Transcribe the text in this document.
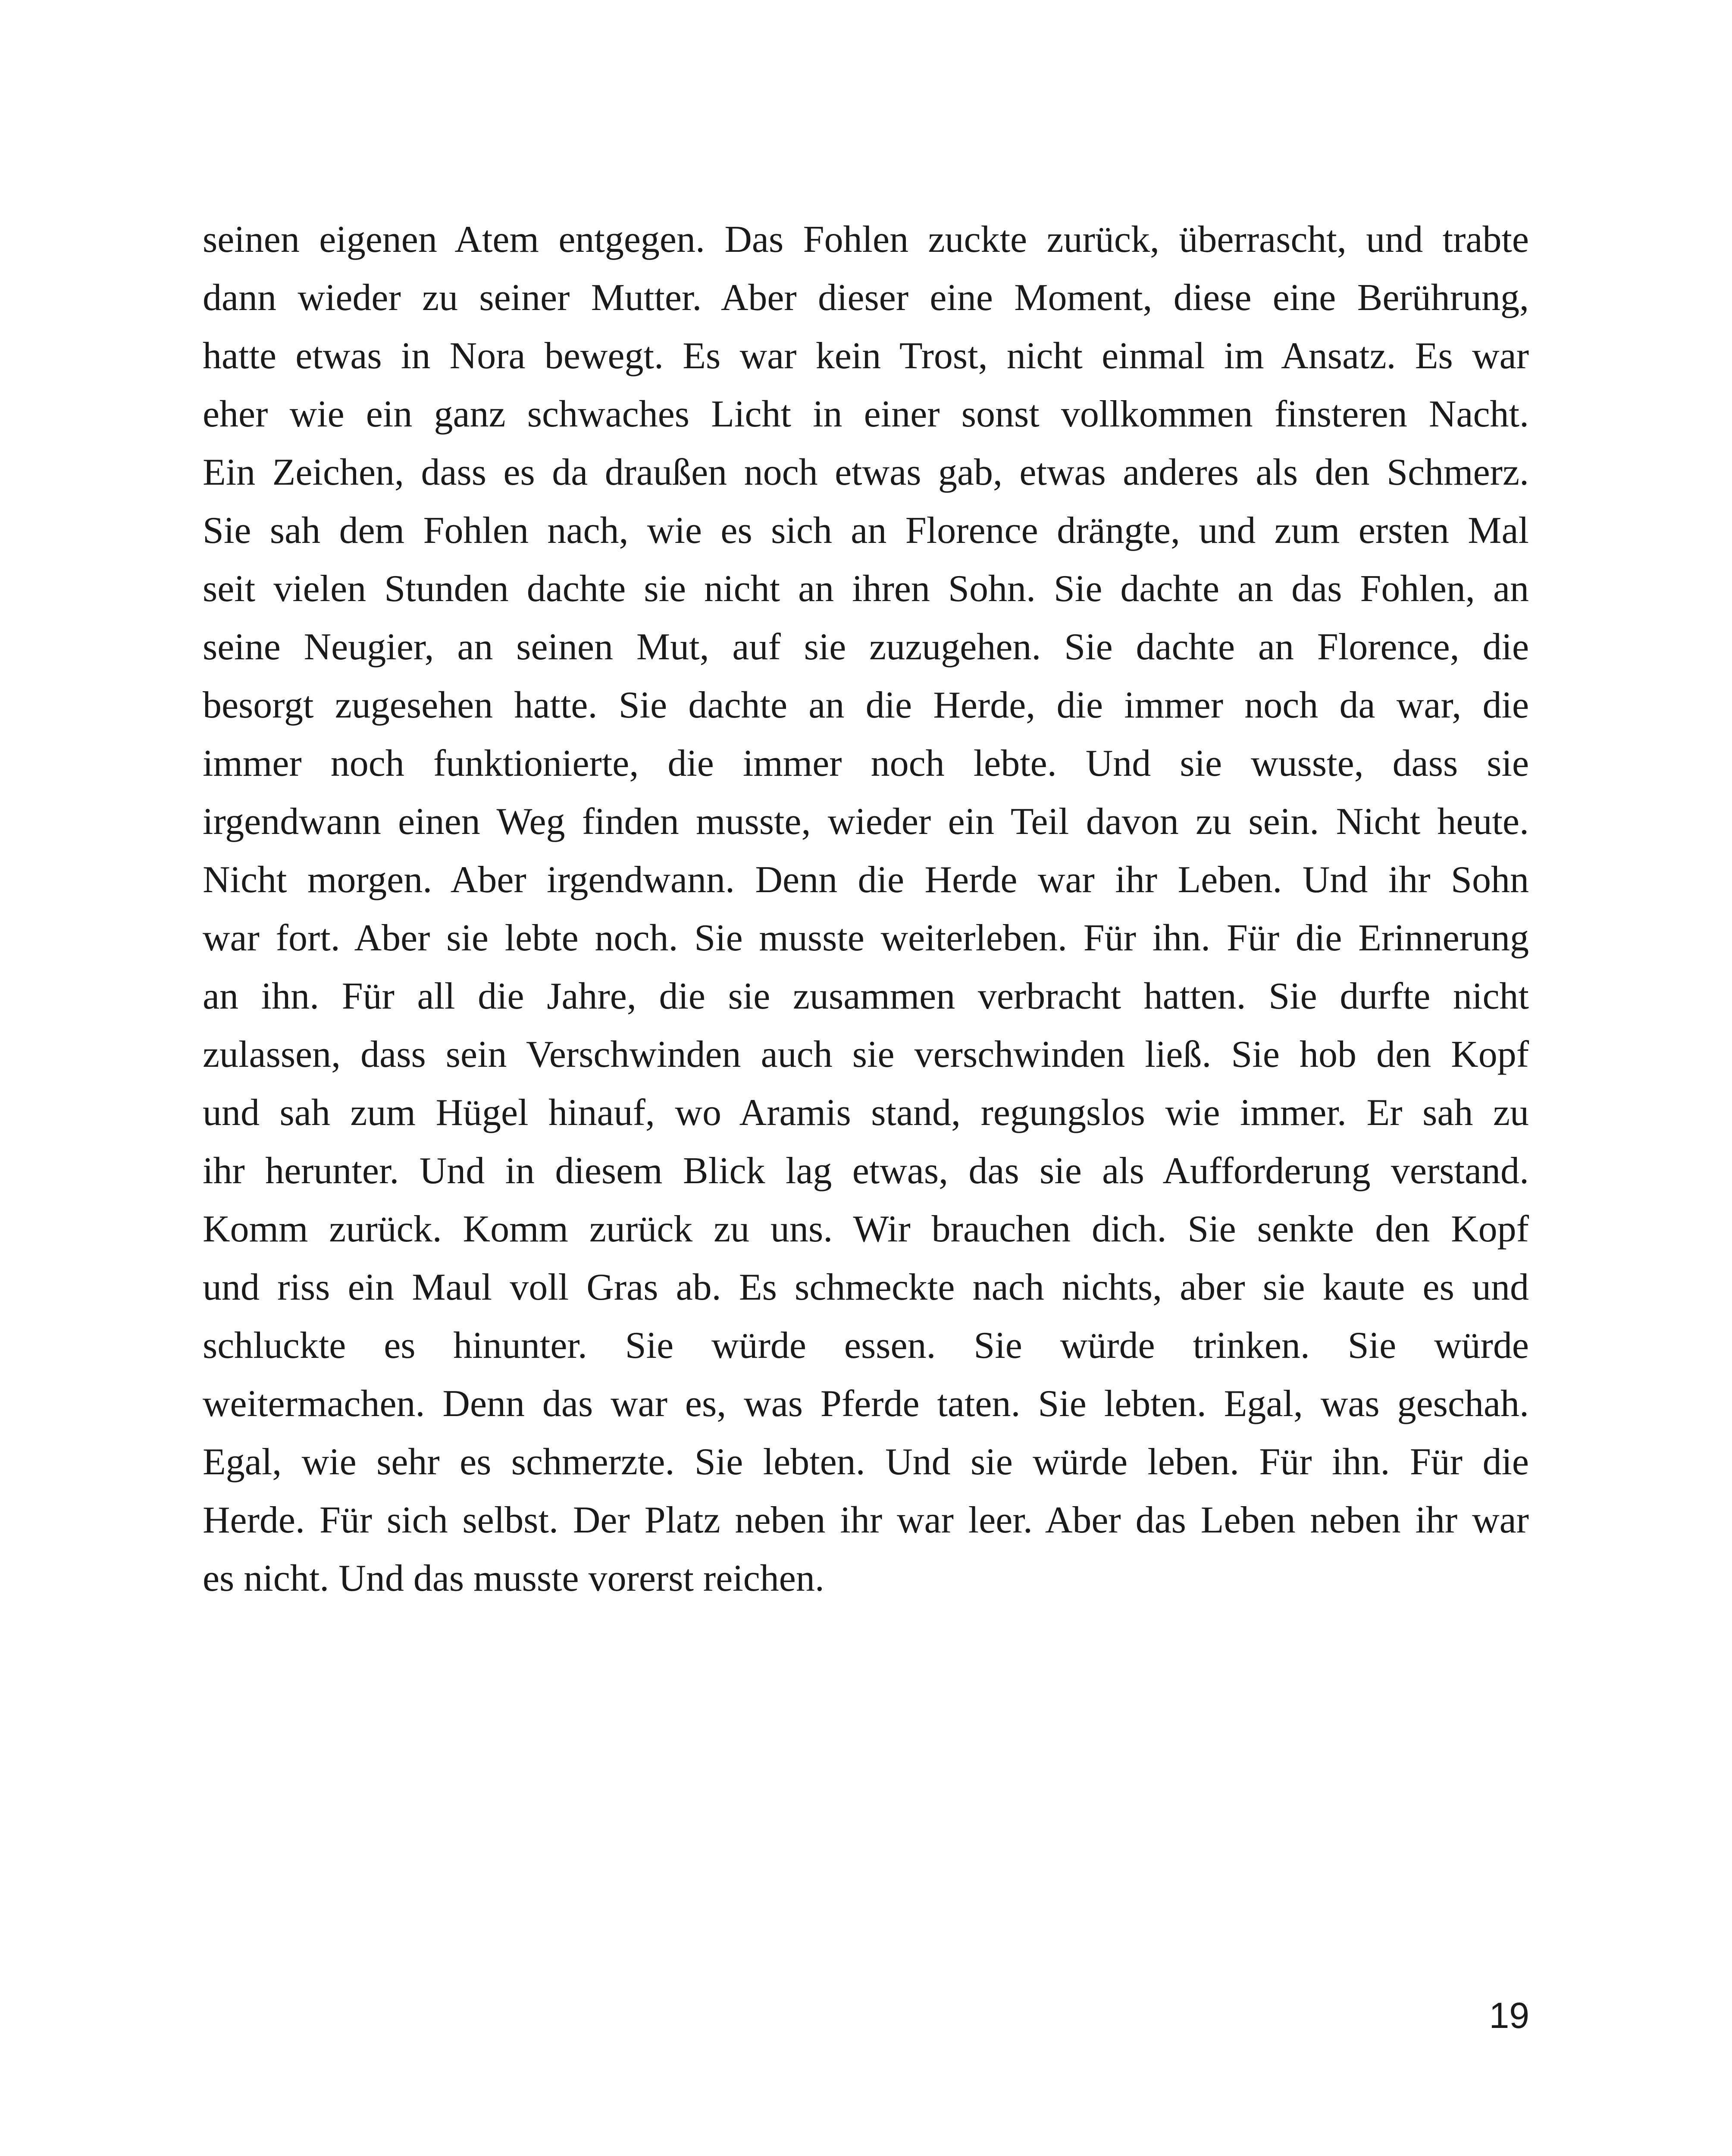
seinen eigenen Atem entgegen. Das Fohlen zuckte zurück, überrascht, und trabte
dann wieder zu seiner Mutter. Aber dieser eine Moment, diese eine Berührung,
hatte etwas in Nora bewegt. Es war kein Trost, nicht einmal im Ansatz. Es war
eher wie ein ganz schwaches Licht in einer sonst vollkommen finsteren Nacht.
Ein Zeichen, dass es da draußen noch etwas gab, etwas anderes als den Schmerz.
Sie sah dem Fohlen nach, wie es sich an Florence drängte, und zum ersten Mal
seit vielen Stunden dachte sie nicht an ihren Sohn. Sie dachte an das Fohlen, an
seine Neugier, an seinen Mut, auf sie zuzugehen. Sie dachte an Florence, die
besorgt zugesehen hatte. Sie dachte an die Herde, die immer noch da war, die
immer noch funktionierte, die immer noch lebte. Und sie wusste, dass sie
irgendwann einen Weg finden musste, wieder ein Teil davon zu sein. Nicht heute.
Nicht morgen. Aber irgendwann. Denn die Herde war ihr Leben. Und ihr Sohn
war fort. Aber sie lebte noch. Sie musste weiterleben. Für ihn. Für die Erinnerung
an ihn. Für all die Jahre, die sie zusammen verbracht hatten. Sie durfte nicht
zulassen, dass sein Verschwinden auch sie verschwinden ließ. Sie hob den Kopf
und sah zum Hügel hinauf, wo Aramis stand, regungslos wie immer. Er sah zu
ihr herunter. Und in diesem Blick lag etwas, das sie als Aufforderung verstand.
Komm zurück. Komm zurück zu uns. Wir brauchen dich. Sie senkte den Kopf
und riss ein Maul voll Gras ab. Es schmeckte nach nichts, aber sie kaute es und
schluckte es hinunter. Sie würde essen. Sie würde trinken. Sie würde
weitermachen. Denn das war es, was Pferde taten. Sie lebten. Egal, was geschah.
Egal, wie sehr es schmerzte. Sie lebten. Und sie würde leben. Für ihn. Für die
Herde. Für sich selbst. Der Platz neben ihr war leer. Aber das Leben neben ihr war
es nicht. Und das musste vorerst reichen.
19
